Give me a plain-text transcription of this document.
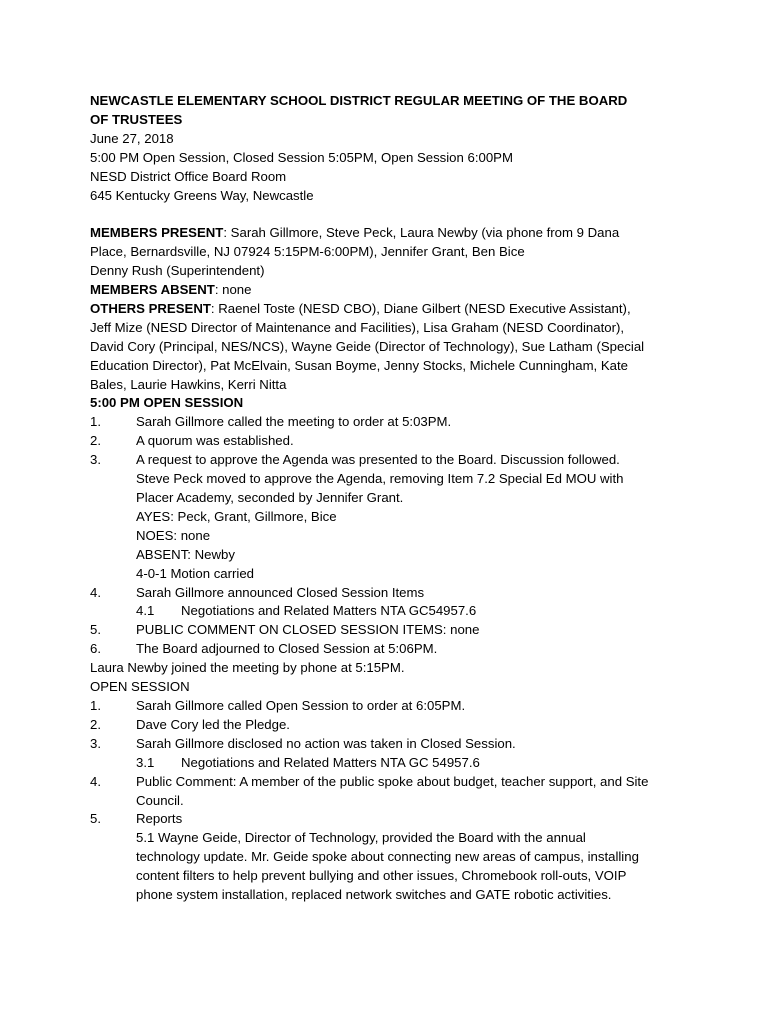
NEWCASTLE ELEMENTARY SCHOOL DISTRICT REGULAR MEETING OF THE BOARD
OF TRUSTEES
June 27, 2018
5:00 PM Open Session, Closed Session 5:05PM, Open Session 6:00PM
NESD District Office Board Room
645 Kentucky Greens Way, Newcastle
MEMBERS PRESENT: Sarah Gillmore, Steve Peck, Laura Newby (via phone from 9 Dana
Place, Bernardsville, NJ 07924 5:15PM-6:00PM), Jennifer Grant, Ben Bice
Denny Rush (Superintendent)
MEMBERS ABSENT: none
OTHERS PRESENT: Raenel Toste (NESD CBO), Diane Gilbert (NESD Executive Assistant),
Jeff Mize (NESD Director of Maintenance and Facilities), Lisa Graham (NESD Coordinator),
David Cory (Principal, NES/NCS), Wayne Geide (Director of Technology), Sue Latham (Special
Education Director), Pat McElvain, Susan Boyme, Jenny Stocks, Michele Cunningham, Kate
Bales, Laurie Hawkins, Kerri Nitta
5:00 PM OPEN SESSION
1.	Sarah Gillmore called the meeting to order at 5:03PM.
2.	A quorum was established.
3.	A request to approve the Agenda was presented to the Board. Discussion followed.
Steve Peck moved to approve the Agenda, removing Item 7.2 Special Ed MOU with
Placer Academy, seconded by Jennifer Grant.
AYES: Peck, Grant, Gillmore, Bice
NOES: none
ABSENT: Newby
4-0-1 Motion carried
4.	Sarah Gillmore announced Closed Session Items
4.1 Negotiations and Related Matters NTA GC54957.6
5.	PUBLIC COMMENT ON CLOSED SESSION ITEMS: none
6.	The Board adjourned to Closed Session at 5:06PM.
Laura Newby joined the meeting by phone at 5:15PM.
OPEN SESSION
1.	Sarah Gillmore called Open Session to order at 6:05PM.
2.	Dave Cory led the Pledge.
3.	Sarah Gillmore disclosed no action was taken in Closed Session.
3.1 Negotiations and Related Matters NTA GC 54957.6
4.	Public Comment: A member of the public spoke about budget, teacher support, and Site
Council.
5.	Reports
5.1 Wayne Geide, Director of Technology, provided the Board with the annual
technology update. Mr. Geide spoke about connecting new areas of campus, installing
content filters to help prevent bullying and other issues, Chromebook roll-outs, VOIP
phone system installation, replaced network switches and GATE robotic activities.
